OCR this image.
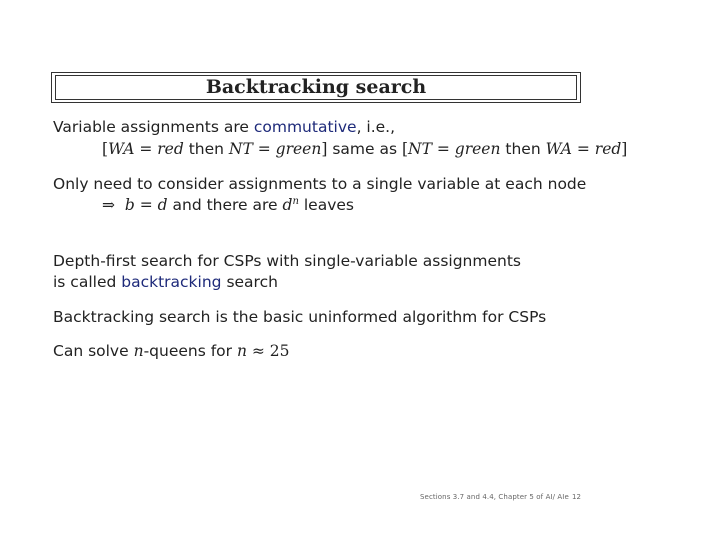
Backtracking search
Variable assignments are commutative, i.e.,
[WA = red then NT = green] same as [NT = green then WA = red]
Only need to consider assignments to a single variable at each node
⇒ b = d and there are $d^n$ leaves
Depth-first search for CSPs with single-variable assignments
is called backtracking search
Backtracking search is the basic uninformed algorithm for CSPs
Can solve n-queens for n ≈ 25
Sections 3.7 and 4.4, Chapter 5 of AI/ AIe 12
